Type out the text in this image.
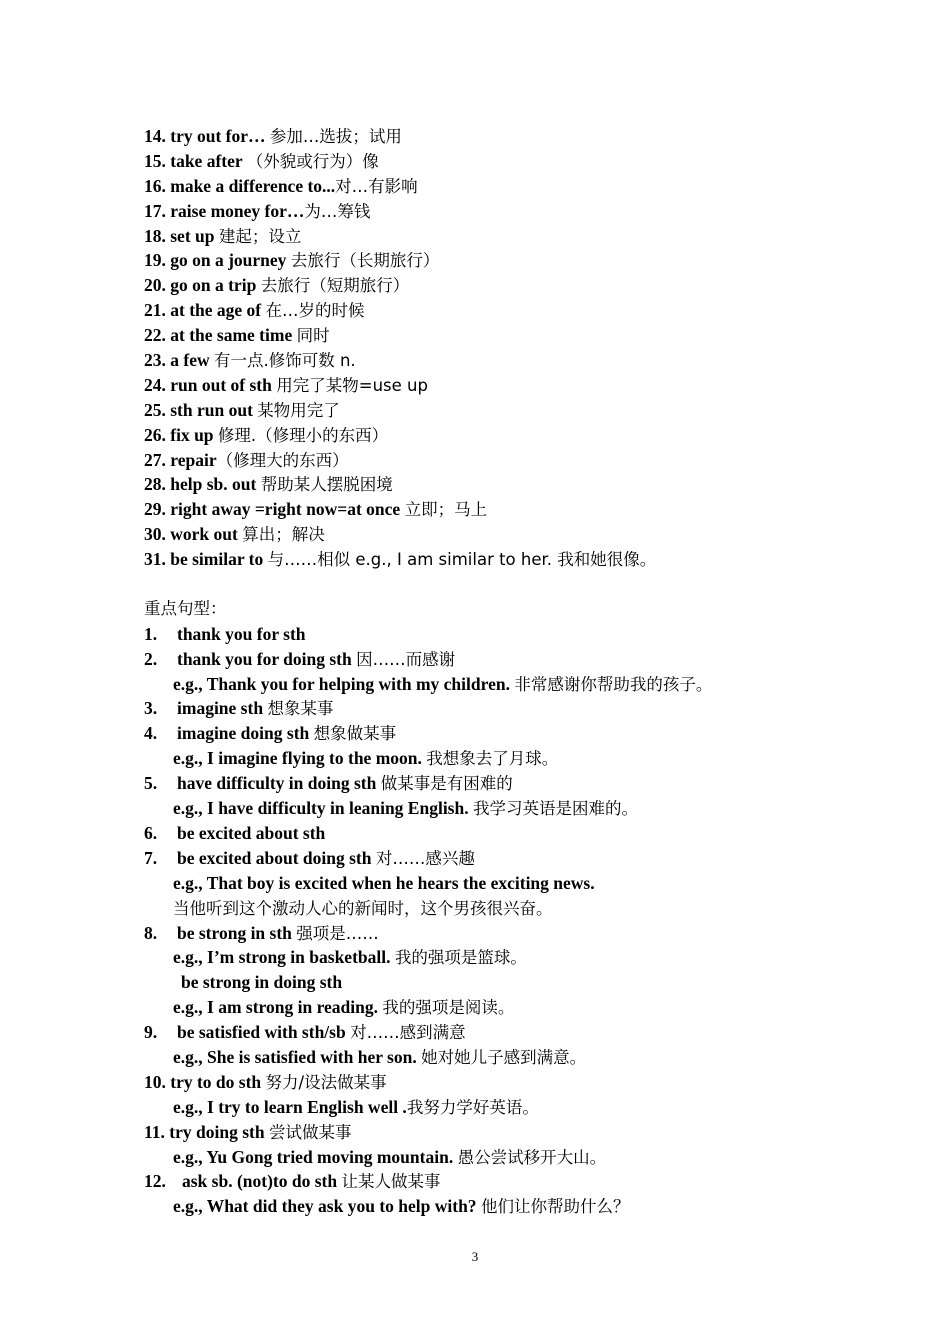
14. try out for… 参加…选拔；试用
15. take after （外貌或行为）像
16. make a difference to...对…有影响
17. raise money for…为…筹钱
18. set up 建起；设立
19. go on a journey 去旅行（长期旅行）
20. go on a trip 去旅行（短期旅行）
21. at the age of 在…岁的时候
22. at the same time 同时
23. a few 有一点.修饰可数 n.
24. run out of sth 用完了某物=use up
25. sth run out 某物用完了
26. fix up 修理.（修理小的东西）
27. repair（修理大的东西）
28. help sb. out 帮助某人摆脱困境
29. right away =right now=at once 立即；马上
30. work out 算出；解决
31. be similar to 与……相似 e.g., I am similar to her. 我和她很像。
重点句型：
1. thank you for sth
2. thank you for doing sth 因……而感谢
e.g., Thank you for helping with my children. 非常感谢你帮助我的孩子。
3. imagine sth 想象某事
4. imagine doing sth 想象做某事
e.g., I imagine flying to the moon. 我想象去了月球。
5. have difficulty in doing sth 做某事是有困难的
e.g., I have difficulty in leaning English. 我学习英语是困难的。
6. be excited about sth
7. be excited about doing sth 对……感兴趣
e.g., That boy is excited when he hears the exciting news.
当他听到这个激动人心的新闻时，这个男孩很兴奋。
8. be strong in sth 强项是……
e.g., I’m strong in basketball. 我的强项是篮球。
be strong in doing sth
e.g., I am strong in reading. 我的强项是阅读。
9. be satisfied with sth/sb 对……感到满意
e.g., She is satisfied with her son. 她对她儿子感到满意。
10. try to do sth 努力/设法做某事
e.g., I try to learn English well .我努力学好英语。
11. try doing sth 尝试做某事
e.g., Yu Gong tried moving mountain. 愚公尝试移开大山。
12. ask sb. (not)to do sth 让某人做某事
e.g., What did they ask you to help with? 他们让你帮助什么？
3
